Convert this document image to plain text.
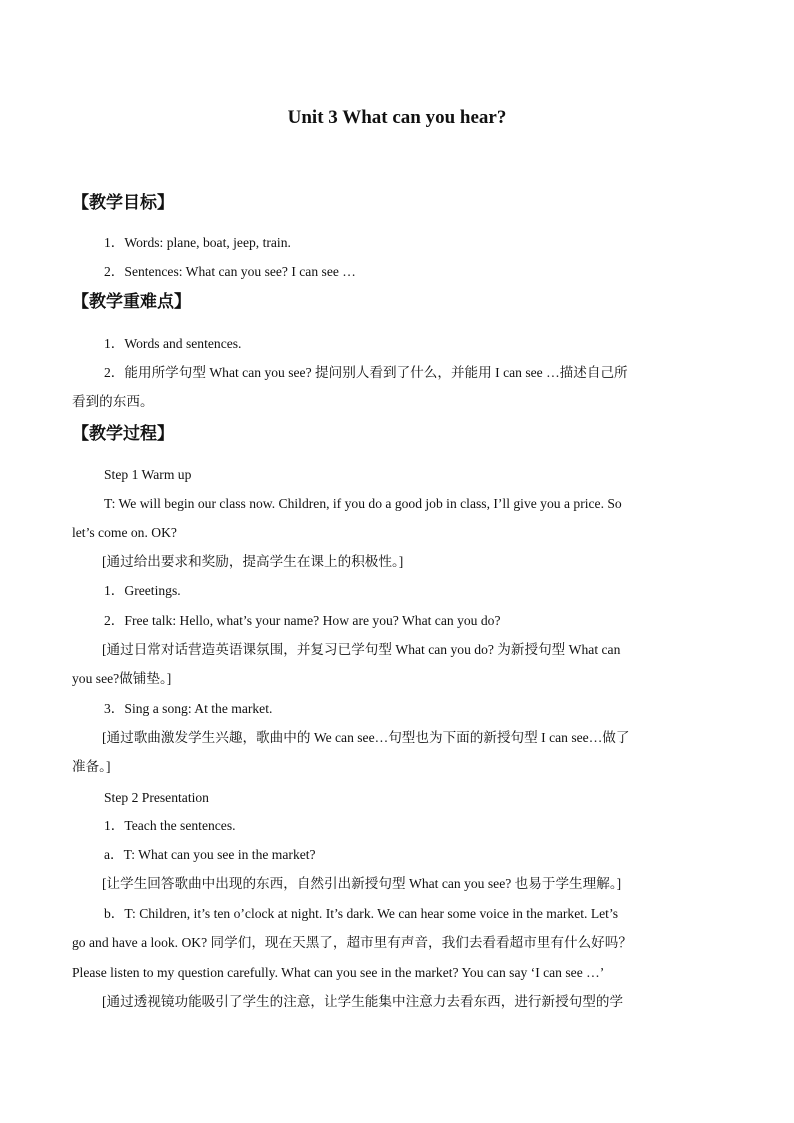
Unit 3 What can you hear?
【教学目标】
1．Words: plane, boat, jeep, train.
2．Sentences: What can you see? I can see …
【教学重难点】
1．Words and sentences.
2．能用所学句型 What can you see? 提问别人看到了什么，并能用 I can see …描述自己所
看到的东西。
【教学过程】
Step 1 Warm up
T: We will begin our class now. Children, if you do a good job in class, I’ll give you a price. So
let’s come on. OK?
[通过给出要求和奖励，提高学生在课上的积极性。]
1．Greetings.
2．Free talk: Hello, what’s your name? How are you? What can you do?
[通过日常对话营造英语课氛围，并复习已学句型 What can you do? 为新授句型 What can
you see?做铺垫。]
3．Sing a song: At the market.
[通过歌曲激发学生兴趣，歌曲中的 We can see…句型也为下面的新授句型 I can see…做了
准备。]
Step 2 Presentation
1．Teach the sentences.
a．T: What can you see in the market?
[让学生回答歌曲中出现的东西，自然引出新授句型 What can you see? 也易于学生理解。]
b．T: Children, it’s ten o’clock at night. It’s dark. We can hear some voice in the market. Let’s
go and have a look. OK? 同学们，现在天黑了，超市里有声音，我们去看看超市里有什么好吗？
Please listen to my question carefully. What can you see in the market? You can say ‘I can see …’
[通过透视镜功能吸引了学生的注意，让学生能集中注意力去看东西，进行新授句型的学
